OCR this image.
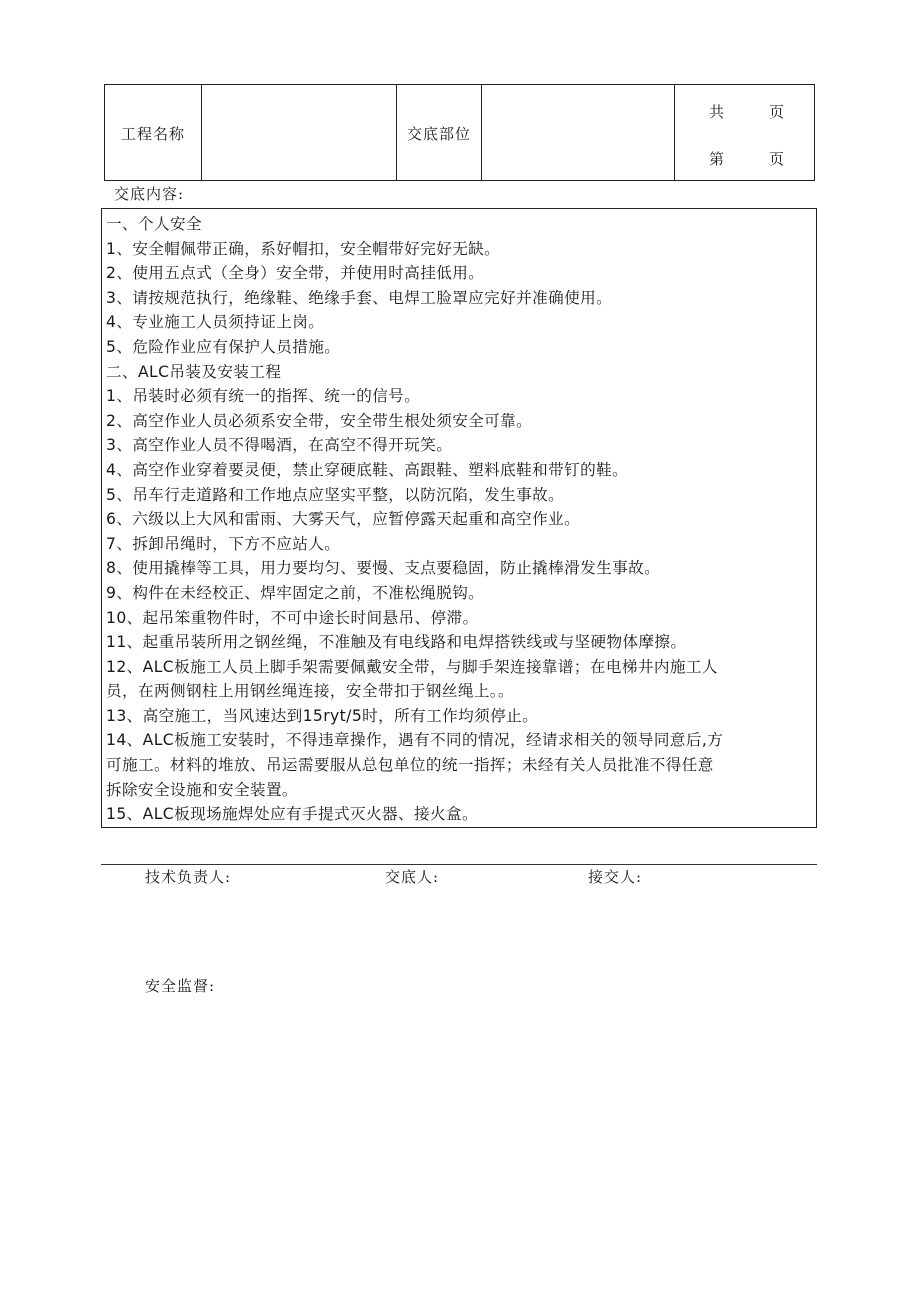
工程名称	交底部位
共	页
第	页
交底内容:
一、个人安全
1、安全帽佩带正确，系好帽扣，安全帽带好完好无缺。
2、使用五点式（全身）安全带，并使用时高挂低用。
3、请按规范执行，绝缘鞋、绝缘手套、电焊工脸罩应完好并准确使用。
4、专业施工人员须持证上岗。
5、危险作业应有保护人员措施。
二、ALC吊装及安装工程
1、吊装时必须有统一的指挥、统一的信号。
2、高空作业人员必须系安全带，安全带生根处须安全可靠。
3、高空作业人员不得喝酒，在高空不得开玩笑。
4、高空作业穿着要灵便，禁止穿硬底鞋、高跟鞋、塑料底鞋和带钉的鞋。
5、吊车行走道路和工作地点应坚实平整，以防沉陷，发生事故。
6、六级以上大风和雷雨、大雾天气，应暂停露天起重和高空作业。
7、拆卸吊绳时，下方不应站人。
8、使用撬棒等工具，用力要均匀、要慢、支点要稳固，防止撬棒滑发生事故。
9、构件在未经校正、焊牢固定之前，不准松绳脱钩。
10、起吊笨重物件时，不可中途长时间悬吊、停滞。
11、起重吊装所用之钢丝绳，不准触及有电线路和电焊搭铁线或与坚硬物体摩擦。
12、ALC板施工人员上脚手架需要佩戴安全带，与脚手架连接靠谱；在电梯井内施工人
员，在两侧钢柱上用钢丝绳连接，安全带扣于钢丝绳上。。
13、高空施工，当风速达到15ryt/5时，所有工作均须停止。
14、ALC板施工安装时，不得违章操作，遇有不同的情况，经请求相关的领导同意后,方
可施工。材料的堆放、吊运需要服从总包单位的统一指挥；未经有关人员批准不得任意
拆除安全设施和安全装置。
15、ALC板现场施焊处应有手提式灭火器、接火盒。
技术负责人:	交底人:	接交人:
安全监督:
